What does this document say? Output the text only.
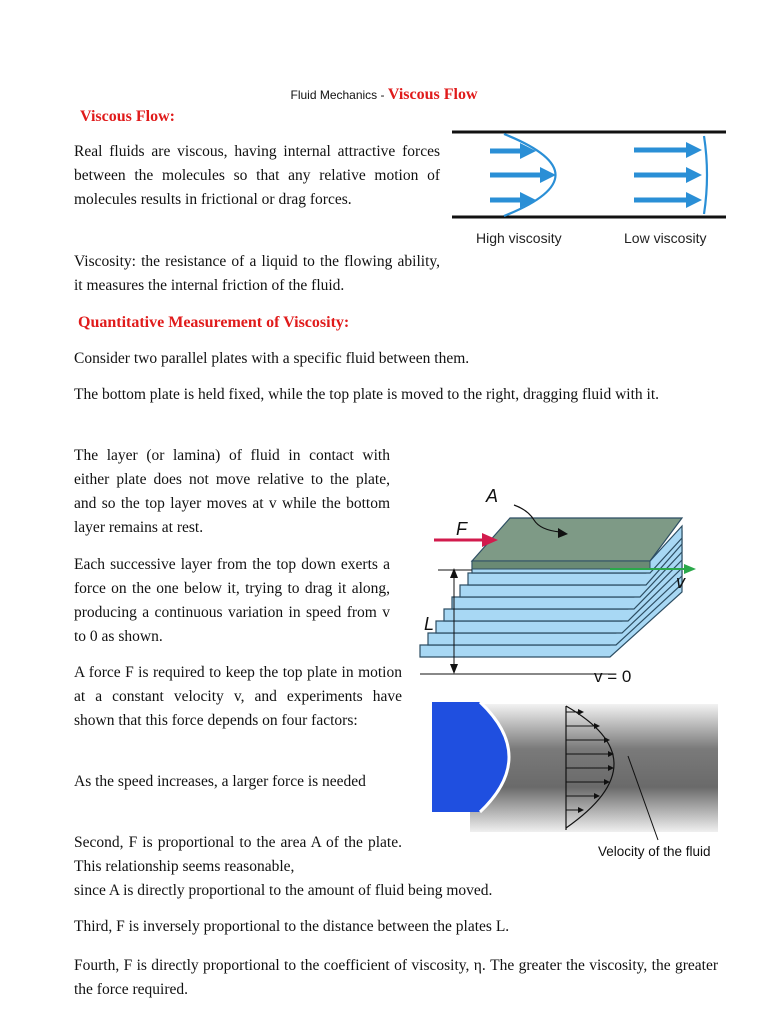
Fluid Mechanics - Viscous Flow
Viscous Flow:

Real fluids are viscous, having internal attractive forces between the molecules so that any relative motion of molecules results in frictional or drag forces.

Viscosity: the resistance of a liquid to the flowing ability, it measures the internal friction of the fluid.

High viscosity	Low viscosity
Quantitative Measurement of Viscosity:

Consider two parallel plates with a specific fluid between them.

The bottom plate is held fixed, while the top plate is moved to the right, dragging fluid with it.

The layer (or lamina) of fluid in contact with either plate does not move relative to the plate, and so the top layer moves at v while the bottom layer remains at rest.

Each successive layer from the top down exerts a force on the one below it, trying to drag it along, producing a continuous variation in speed from v to 0 as shown.

A force F is required to keep the top plate in motion at a constant velocity v, and experiments have shown that this force depends on four factors:

As the speed increases, a larger force is needed

Second, F is proportional to the area A of the plate. This relationship seems reasonable,

since A is directly proportional to the amount of fluid being moved.

Third, F is inversely proportional to the distance between the plates L.

Fourth, F is directly proportional to the coefficient of viscosity, η. The greater the viscosity, the greater the force required.

A
F
v
L
v = 0
Velocity of the fluid
